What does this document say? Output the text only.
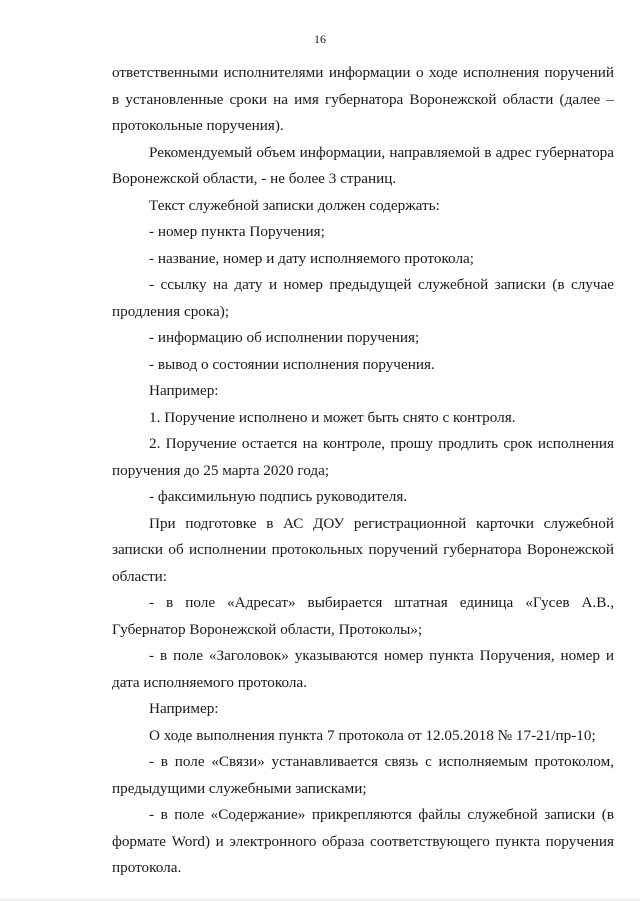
16

ответственными исполнителями информации о ходе исполнения поручений в установленные сроки на имя губернатора Воронежской области (далее – протокольные поручения).

Рекомендуемый объем информации, направляемой в адрес губернатора Воронежской области, - не более 3 страниц.

Текст служебной записки должен содержать:

- номер пункта Поручения;

- название, номер и дату исполняемого протокола;

- ссылку на дату и номер предыдущей служебной записки (в случае продления срока);

- информацию об исполнении поручения;

- вывод о состоянии исполнения поручения.

Например:

1. Поручение исполнено и может быть снято с контроля.

2. Поручение остается на контроле, прошу продлить срок исполнения поручения до 25 марта 2020 года;

- факсимильную подпись руководителя.

При подготовке в АС ДОУ регистрационной карточки служебной записки об исполнении протокольных поручений губернатора Воронежской области:

- в поле «Адресат» выбирается штатная единица «Гусев А.В., Губернатор Воронежской области, Протоколы»;

- в поле «Заголовок» указываются номер пункта Поручения, номер и дата исполняемого протокола.

Например:

О ходе выполнения пункта 7 протокола от 12.05.2018 № 17-21/пр-10;

- в поле «Связи» устанавливается связь с исполняемым протоколом, предыдущими служебными записками;

- в поле «Содержание» прикрепляются файлы служебной записки (в формате Word) и электронного образа соответствующего пункта поручения протокола.
